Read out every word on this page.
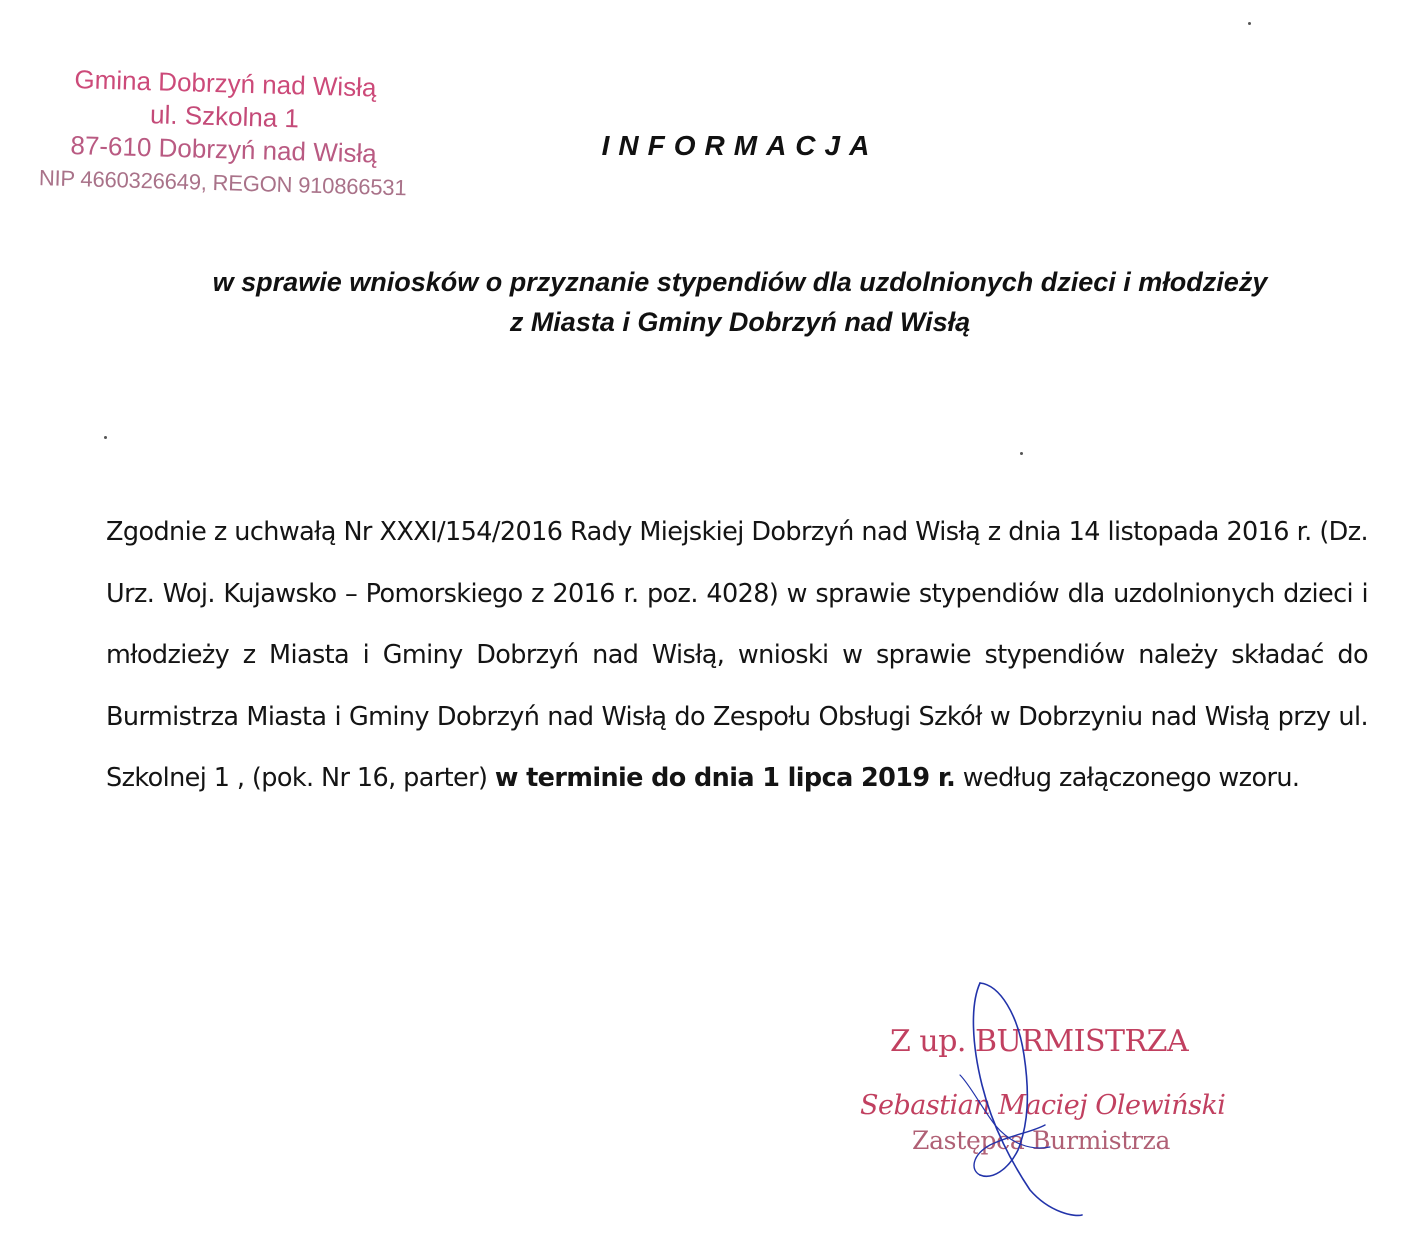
Gmina Dobrzyń nad Wisłą
ul. Szkolna 1
87-610 Dobrzyń nad Wisłą
NIP 4660326649, REGON 910866531
INFORMACJA
w sprawie wniosków o przyznanie stypendiów dla uzdolnionych dzieci i młodzieży
z Miasta i Gminy Dobrzyń nad Wisłą
Zgodnie z uchwałą Nr XXXI/154/2016 Rady Miejskiej Dobrzyń nad Wisłą z dnia 14 listopada 2016 r. (Dz. Urz. Woj. Kujawsko – Pomorskiego z 2016 r. poz. 4028) w sprawie stypendiów dla uzdolnionych dzieci i młodzieży z Miasta i Gminy Dobrzyń nad Wisłą, wnioski w sprawie stypendiów należy składać do Burmistrza Miasta i Gminy Dobrzyń nad Wisłą do Zespołu Obsługi Szkół w Dobrzyniu nad Wisłą przy ul. Szkolnej 1 , (pok. Nr 16, parter) w terminie do dnia 1 lipca 2019 r. według załączonego wzoru.
Z up. BURMISTRZA
Sebastian Maciej Olewiński
Zastępca Burmistrza
